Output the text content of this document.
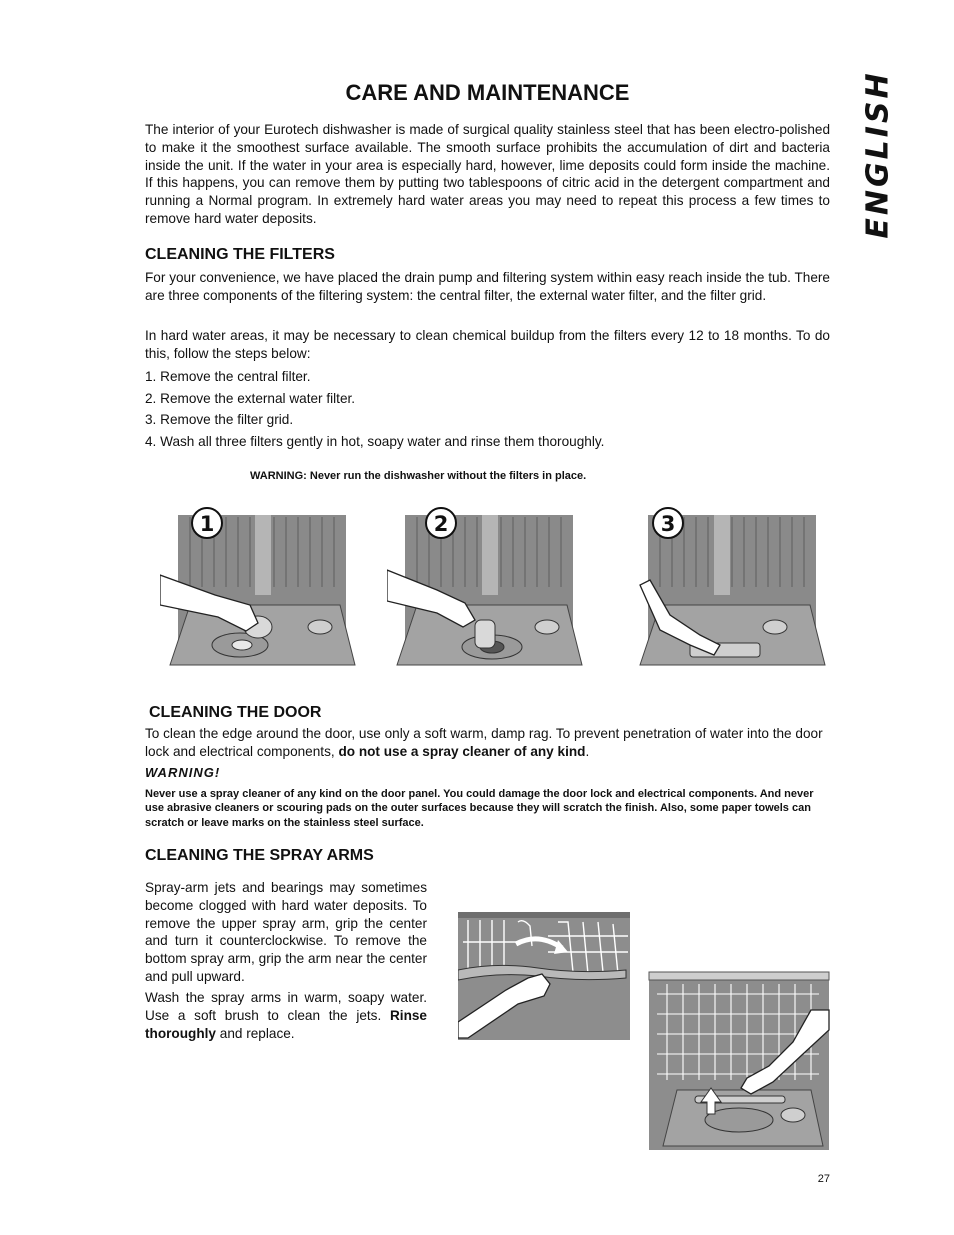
ENGLISH
CARE AND MAINTENANCE

The interior of your Eurotech dishwasher is made of surgical quality stainless steel that has been electro-polished to make it the smoothest surface available. The smooth surface prohibits the accumulation of dirt and bacteria inside the unit. If the water in your area is especially hard, however, lime deposits could form inside the machine. If this happens, you can remove them by putting two tablespoons of citric acid in the detergent compartment and running a Normal program. In extremely hard water areas you may need to repeat this process a few times to remove hard water deposits.

CLEANING THE FILTERS

For your convenience, we have placed the drain pump and filtering system within easy reach inside the tub. There are three components of the filtering system: the central filter, the external water filter, and the filter grid.

In hard water areas, it may be necessary to clean chemical buildup from the filters every 12 to 18 months. To do this, follow the steps below:

1. Remove the central filter.
2. Remove the external water filter.
3. Remove the filter grid.
4. Wash all three filters gently in hot, soapy water and rinse them thoroughly.

WARNING: Never run the dishwasher without the filters in place.

1	2	3
CLEANING THE DOOR

To clean the edge around the door, use only a soft warm, damp rag. To prevent penetration of water into the door lock and electrical components, do not use a spray cleaner of any kind.

WARNING!

Never use a spray cleaner of any kind on the door panel. You could damage the door lock and electrical components. And never use abrasive cleaners or scouring pads on the outer surfaces because they will scratch the finish. Also, some paper towels can scratch or leave marks on the stainless steel surface.

CLEANING THE SPRAY ARMS

Spray-arm jets and bearings may sometimes become clogged with hard water deposits. To remove the upper spray arm, grip the center and turn it counterclockwise. To remove the bottom spray arm, grip the arm near the center and pull upward.

Wash the spray arms in warm, soapy water. Use a soft brush to clean the jets. Rinse thoroughly and replace.

27
